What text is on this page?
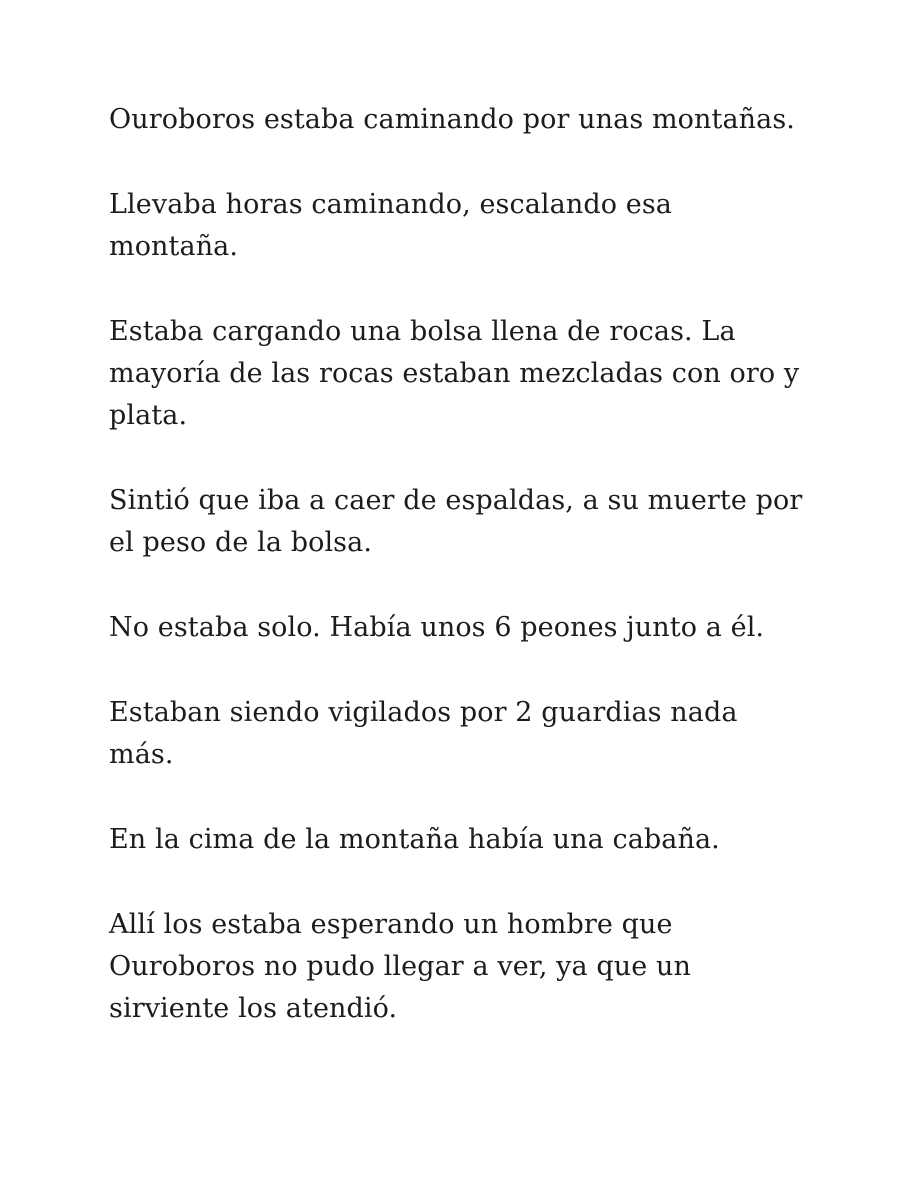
Ouroboros estaba caminando por unas montañas.

Llevaba horas caminando, escalando esa montaña.

Estaba cargando una bolsa llena de rocas. La mayoría de las rocas estaban mezcladas con oro y plata.

Sintió que iba a caer de espaldas, a su muerte por el peso de la bolsa.

No estaba solo. Había unos 6 peones junto a él.

Estaban siendo vigilados por 2 guardias nada más.

En la cima de la montaña había una cabaña.

Allí los estaba esperando un hombre que Ouroboros no pudo llegar a ver, ya que un sirviente los atendió.
